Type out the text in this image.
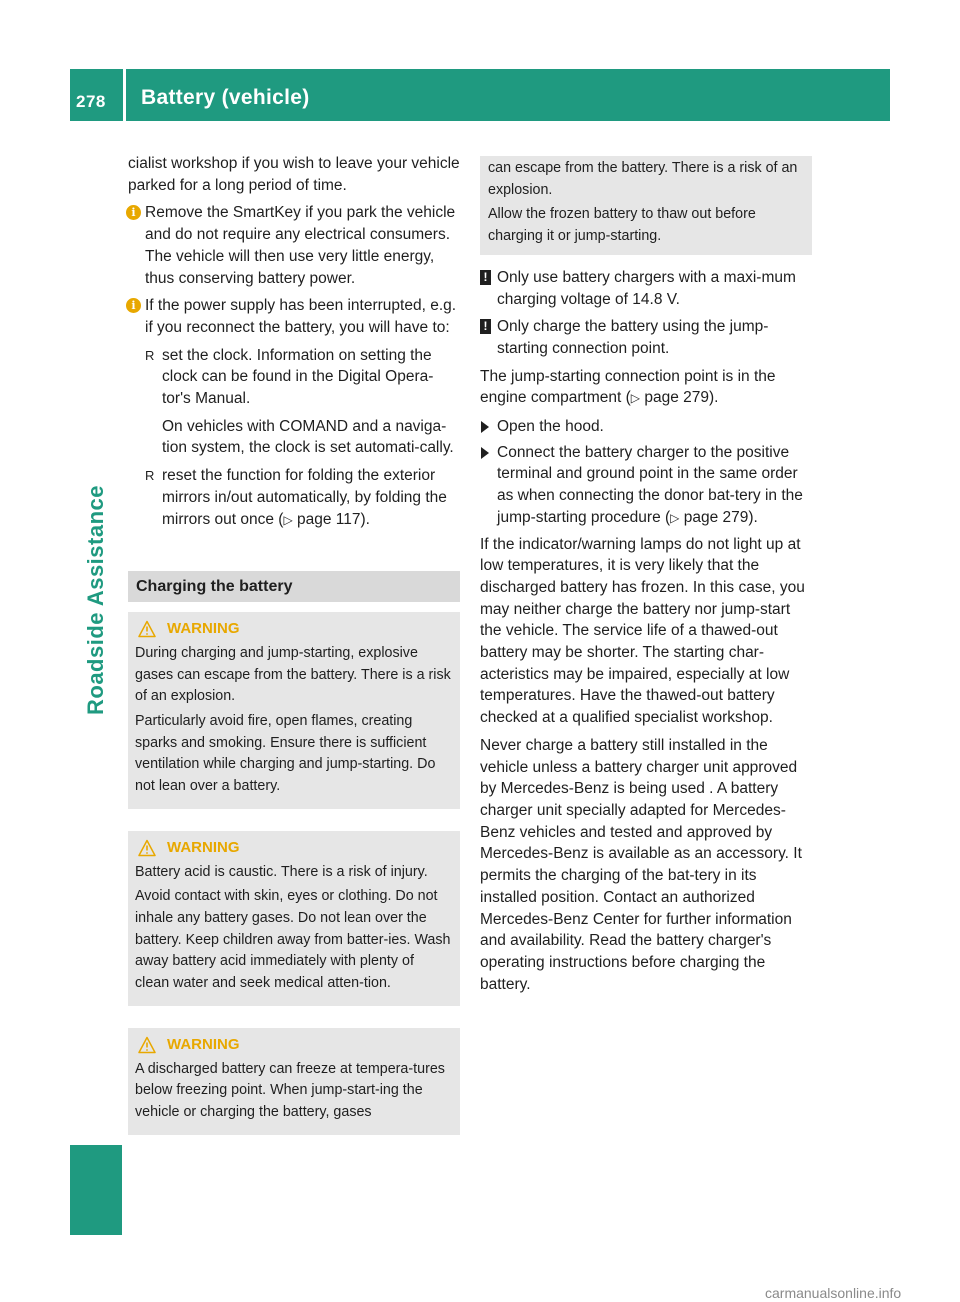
278	Battery (vehicle)
Roadside Assistance

cialist workshop if you wish to leave your vehicle parked for a long period of time.

i Remove the SmartKey if you park the vehicle and do not require any electrical consumers. The vehicle will then use very little energy, thus conserving battery power.
i If the power supply has been interrupted, e.g. if you reconnect the battery, you will have to:
R set the clock. Information on setting the clock can be found in the Digital Opera-tor's Manual.

On vehicles with COMAND and a naviga-tion system, the clock is set automati-cally.

R reset the function for folding the exterior mirrors in/out automatically, by folding the mirrors out once (▷ page 117).
Charging the battery
WARNING

During charging and jump-starting, explosive gases can escape from the battery. There is a risk of an explosion.

Particularly avoid fire, open flames, creating sparks and smoking. Ensure there is sufficient ventilation while charging and jump-starting. Do not lean over a battery.

WARNING

Battery acid is caustic. There is a risk of injury.

Avoid contact with skin, eyes or clothing. Do not inhale any battery gases. Do not lean over the battery. Keep children away from batter-ies. Wash away battery acid immediately with plenty of clean water and seek medical atten-tion.

WARNING

A discharged battery can freeze at tempera-tures below freezing point. When jump-start-ing the vehicle or charging the battery, gases

can escape from the battery. There is a risk of an explosion.

Allow the frozen battery to thaw out before charging it or jump-starting.

! Only use battery chargers with a maxi-mum charging voltage of 14.8 V.
! Only charge the battery using the jump-starting connection point.

The jump-starting connection point is in the engine compartment (▷ page 279).

Open the hood.
Connect the battery charger to the positive terminal and ground point in the same order as when connecting the donor bat-tery in the jump-starting procedure (▷ page 279).

If the indicator/warning lamps do not light up at low temperatures, it is very likely that the discharged battery has frozen. In this case, you may neither charge the battery nor jump-start the vehicle. The service life of a thawed-out battery may be shorter. The starting char-acteristics may be impaired, especially at low temperatures. Have the thawed-out battery checked at a qualified specialist workshop.

Never charge a battery still installed in the vehicle unless a battery charger unit approved by Mercedes-Benz is being used . A battery charger unit specially adapted for Mercedes-Benz vehicles and tested and approved by Mercedes-Benz is available as an accessory. It permits the charging of the bat-tery in its installed position. Contact an authorized Mercedes-Benz Center for further information and availability. Read the battery charger's operating instructions before charging the battery.

carmanualsonline.info
